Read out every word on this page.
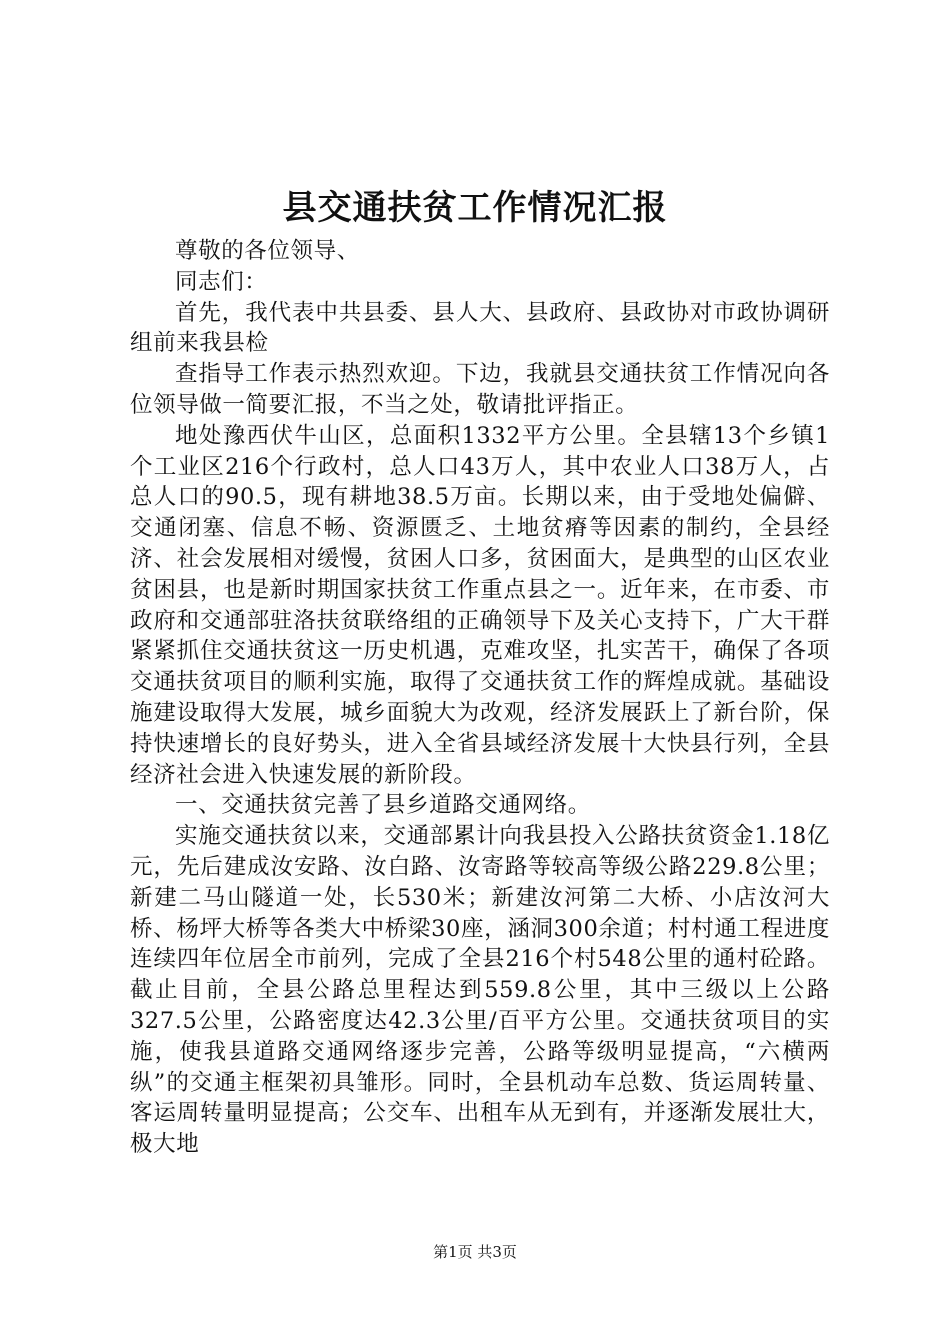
县交通扶贫工作情况汇报

尊敬的各位领导、

同志们：

首先，我代表中共县委、县人大、县政府、县政协对市政协调研组前来我县检

查指导工作表示热烈欢迎。下边，我就县交通扶贫工作情况向各位领导做一简要汇报，不当之处，敬请批评指正。

地处豫西伏牛山区，总面积1332平方公里。全县辖13个乡镇1个工业区216个行政村，总人口43万人，其中农业人口38万人，占总人口的90.5，现有耕地38.5万亩。长期以来，由于受地处偏僻、交通闭塞、信息不畅、资源匮乏、土地贫瘠等因素的制约，全县经济、社会发展相对缓慢，贫困人口多，贫困面大，是典型的山区农业贫困县，也是新时期国家扶贫工作重点县之一。近年来，在市委、市政府和交通部驻洛扶贫联络组的正确领导下及关心支持下，广大干群紧紧抓住交通扶贫这一历史机遇，克难攻坚，扎实苦干，确保了各项交通扶贫项目的顺利实施，取得了交通扶贫工作的辉煌成就。基础设施建设取得大发展，城乡面貌大为改观，经济发展跃上了新台阶，保持快速增长的良好势头，进入全省县域经济发展十大快县行列，全县经济社会进入快速发展的新阶段。

一、交通扶贫完善了县乡道路交通网络。

实施交通扶贫以来，交通部累计向我县投入公路扶贫资金1.18亿元，先后建成汝安路、汝白路、汝寄路等较高等级公路229.8公里；新建二马山隧道一处，长530米；新建汝河第二大桥、小店汝河大桥、杨坪大桥等各类大中桥梁30座，涵洞300余道；村村通工程进度连续四年位居全市前列，完成了全县216个村548公里的通村砼路。截止目前，全县公路总里程达到559.8公里，其中三级以上公路327.5公里，公路密度达42.3公里/百平方公里。交通扶贫项目的实施，使我县道路交通网络逐步完善，公路等级明显提高，“六横两纵”的交通主框架初具雏形。同时，全县机动车总数、货运周转量、客运周转量明显提高；公交车、出租车从无到有，并逐渐发展壮大，极大地

第1页 共3页
